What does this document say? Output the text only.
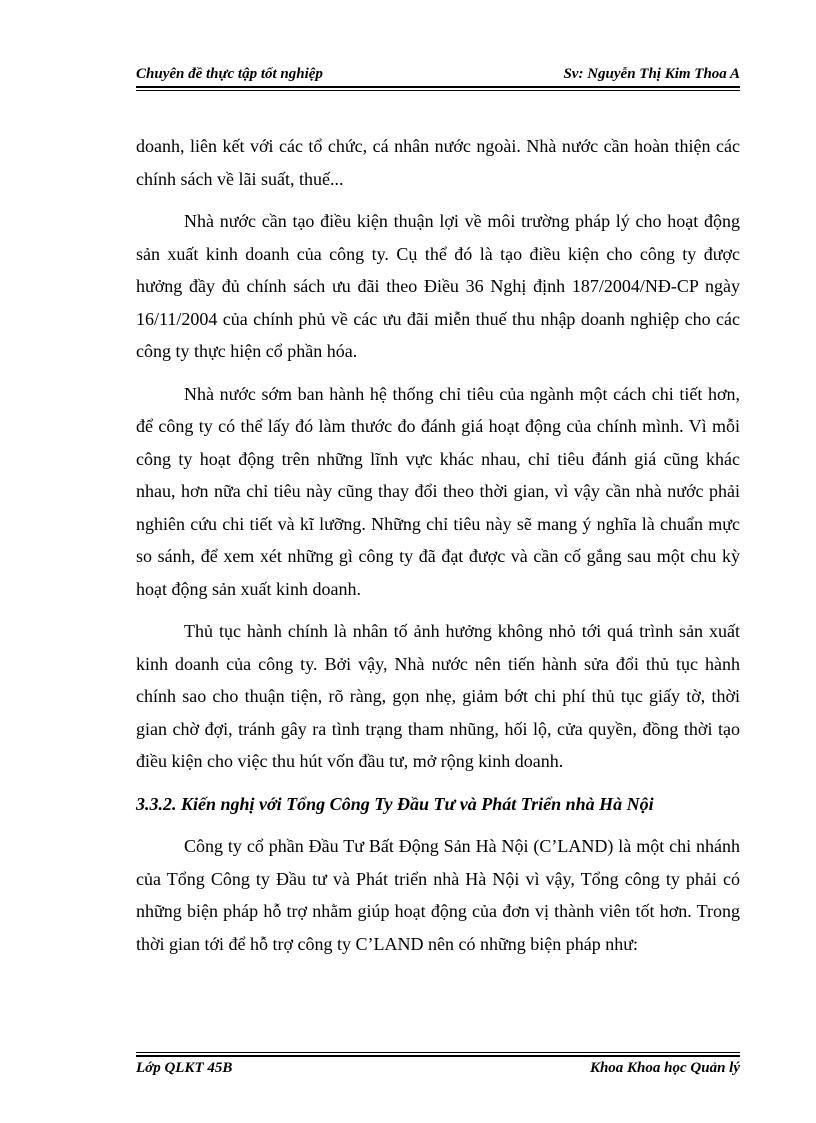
Chuyên đề thực tập tốt nghiệp	Sv: Nguyễn Thị Kim Thoa A

doanh, liên kết với các tổ chức, cá nhân nước ngoài. Nhà nước cần hoàn thiện các chính sách về lãi suất, thuế...

Nhà nước cần tạo điều kiện thuận lợi về môi trường pháp lý cho hoạt động sản xuất kinh doanh của công ty. Cụ thể đó là tạo điều kiện cho công ty được hưởng đầy đủ chính sách ưu đãi theo Điều 36 Nghị định 187/2004/NĐ-CP ngày 16/11/2004 của chính phủ về các ưu đãi miễn thuế thu nhập doanh nghiệp cho các công ty thực hiện cổ phần hóa.

Nhà nước sớm ban hành hệ thống chỉ tiêu của ngành một cách chi tiết hơn, để công ty có thể lấy đó làm thước đo đánh giá hoạt động của chính mình. Vì mỗi công ty hoạt động trên những lĩnh vực khác nhau, chỉ tiêu đánh giá cũng khác nhau, hơn nữa chỉ tiêu này cũng thay đổi theo thời gian, vì vậy cần nhà nước phải nghiên cứu chi tiết và kĩ lưỡng. Những chỉ tiêu này sẽ mang ý nghĩa là chuẩn mực so sánh, để xem xét những gì công ty đã đạt được và cần cố gắng sau một chu kỳ hoạt động sản xuất kinh doanh.

Thủ tục hành chính là nhân tố ảnh hưởng không nhỏ tới quá trình sản xuất kinh doanh của công ty. Bởi vậy, Nhà nước nên tiến hành sửa đổi thủ tục hành chính sao cho thuận tiện, rõ ràng, gọn nhẹ, giảm bớt chi phí thủ tục giấy tờ, thời gian chờ đợi, tránh gây ra tình trạng tham nhũng, hối lộ, cửa quyền, đồng thời tạo điều kiện cho việc thu hút vốn đầu tư, mở rộng kinh doanh.

3.3.2. Kiến nghị với Tổng Công Ty Đầu Tư và Phát Triển nhà Hà Nội

Công ty cổ phần Đầu Tư Bất Động Sản Hà Nội (C’LAND) là một chi nhánh của Tổng Công ty Đầu tư và Phát triển nhà Hà Nội vì vậy, Tổng công ty phải có những biện pháp hỗ trợ nhằm giúp hoạt động của đơn vị thành viên tốt hơn. Trong thời gian tới để hỗ trợ công ty C’LAND nên có những biện pháp như:

Lớp QLKT 45B	Khoa Khoa học Quản lý
